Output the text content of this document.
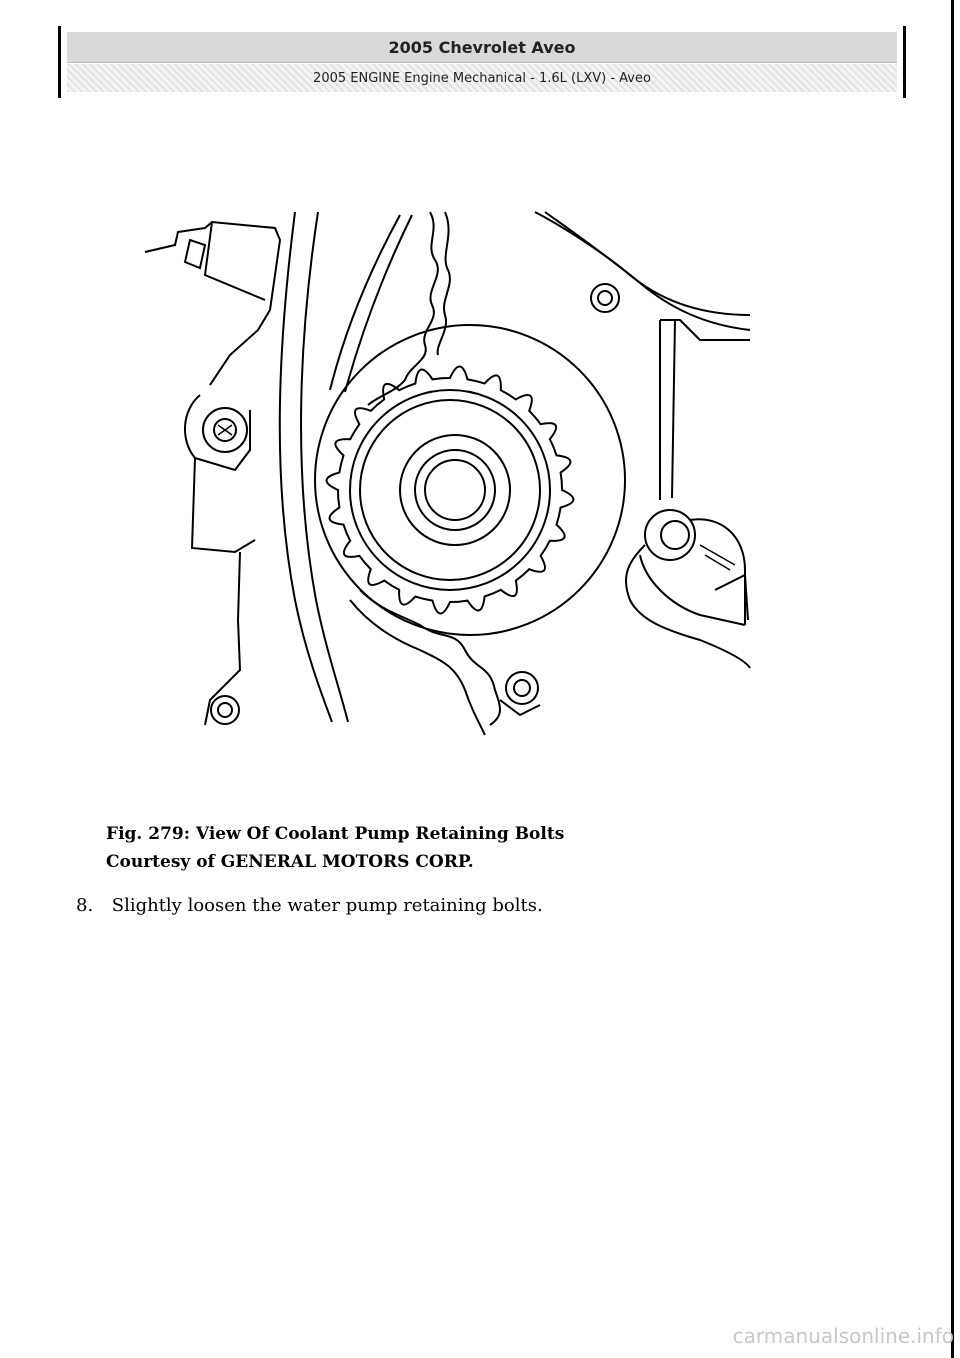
2005 Chevrolet Aveo
2005 ENGINE Engine Mechanical - 1.6L (LXV) - Aveo
Fig. 279: View Of Coolant Pump Retaining Bolts
Courtesy of GENERAL MOTORS CORP.
8. Slightly loosen the water pump retaining bolts.
carmanualsonline.info
